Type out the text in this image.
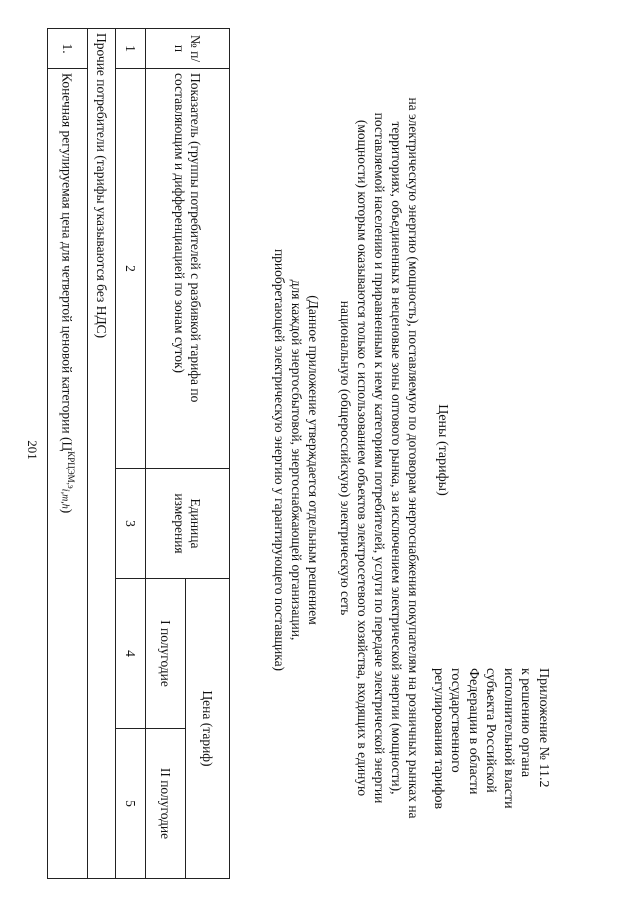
201
Приложение № 11.2
к решению органа
исполнительной власти
субъекта Российской
Федерации в области
государственного
регулирования тарифов
Цены (тарифы)
на электрическую энергию (мощность), поставляемую по договорам энергоснабжения покупателям на розничных рынках на
территориях, объединенных в неценовые зоны оптового рынка, за исключением электрической энергии (мощности),
поставляемой населению и приравненным к нему категориям потребителей, услуги по передаче электрической энергии
(мощности) которым оказываются только с использованием объектов электросетевого хозяйства, входящих в единую
национальную (общероссийскую) электрическую сеть
(Данное приложение утверждается отдельным решением
для каждой энергосбытовой, энергоснабжающей организации,
приобретающей электрическую энергию у гарантирующего поставщика)
№ п/п	Показатель (группы потребителей с разбивкой тарифа по составляющим и дифференциацией по зонам суток)	Единица измерения	Цена (тариф)	
			I полугодие	II полугодие
1	2	3	4	5
Прочие потребители (тарифы указываются без НДС)				
1.	Конечная регулируемая цена для четвертой ценовой категории $(Ц^{КРЦЭМ,э}i,m,h)$			
